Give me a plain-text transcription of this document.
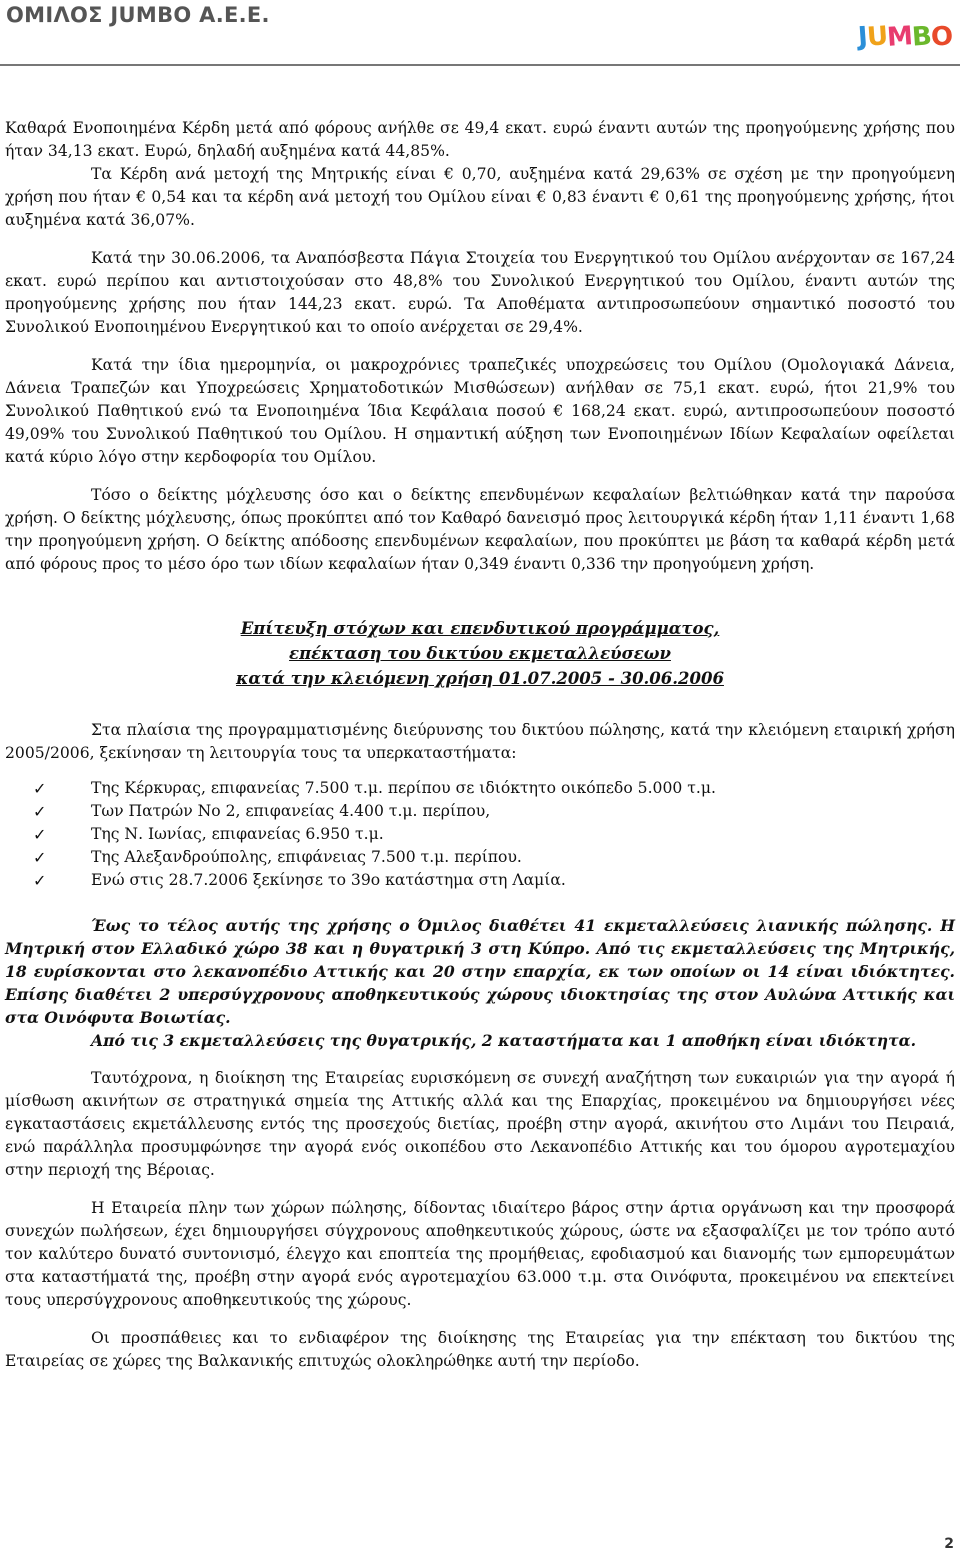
ΟΜΙΛΟΣ JUMBO Α.Ε.Ε.
JUMBO

Καθαρά Ενοποιημένα Κέρδη μετά από φόρους ανήλθε σε 49,4 εκατ. ευρώ έναντι αυτών της προηγούμενης χρήσης που ήταν 34,13 εκατ. Ευρώ, δηλαδή αυξημένα κατά 44,85%.

Τα Κέρδη ανά μετοχή της Μητρικής είναι € 0,70, αυξημένα κατά 29,63% σε σχέση με την προηγούμενη χρήση που ήταν € 0,54 και τα κέρδη ανά μετοχή του Ομίλου είναι € 0,83 έναντι € 0,61 της προηγούμενης χρήσης, ήτοι αυξημένα κατά 36,07%.

Κατά την 30.06.2006, τα Αναπόσβεστα Πάγια Στοιχεία του Ενεργητικού του Ομίλου ανέρχονταν σε 167,24 εκατ. ευρώ περίπου και αντιστοιχούσαν στο 48,8% του Συνολικού Ενεργητικού του Ομίλου, έναντι αυτών της προηγούμενης χρήσης που ήταν 144,23 εκατ. ευρώ. Τα Αποθέματα αντιπροσωπεύουν σημαντικό ποσοστό του Συνολικού Ενοποιημένου Ενεργητικού και το οποίο ανέρχεται σε 29,4%.

Κατά την ίδια ημερομηνία, οι μακροχρόνιες τραπεζικές υποχρεώσεις του Ομίλου (Ομολογιακά Δάνεια, Δάνεια Τραπεζών και Υποχρεώσεις Χρηματοδοτικών Μισθώσεων) ανήλθαν σε 75,1 εκατ. ευρώ, ήτοι 21,9% του Συνολικού Παθητικού ενώ τα Ενοποιημένα Ίδια Κεφάλαια ποσού € 168,24 εκατ. ευρώ, αντιπροσωπεύουν ποσοστό 49,09% του Συνολικού Παθητικού του Ομίλου. Η σημαντική αύξηση των Ενοποιημένων Ιδίων Κεφαλαίων οφείλεται κατά κύριο λόγο στην κερδοφορία του Ομίλου.

Τόσο ο δείκτης μόχλευσης όσο και ο δείκτης επενδυμένων κεφαλαίων βελτιώθηκαν κατά την παρούσα χρήση. Ο δείκτης μόχλευσης, όπως προκύπτει από τον Καθαρό δανεισμό προς λειτουργικά κέρδη ήταν 1,11 έναντι 1,68 την προηγούμενη χρήση. Ο δείκτης απόδοσης επενδυμένων κεφαλαίων, που προκύπτει με βάση τα καθαρά κέρδη μετά από φόρους προς το μέσο όρο των ιδίων κεφαλαίων ήταν 0,349 έναντι 0,336 την προηγούμενη χρήση.

Επίτευξη στόχων και επενδυτικού προγράμματος,
επέκταση του δικτύου εκμεταλλεύσεων
κατά την κλειόμενη χρήση 01.07.2005 - 30.06.2006

Στα πλαίσια της προγραμματισμένης διεύρυνσης του δικτύου πώλησης, κατά την κλειόμενη εταιρική χρήση 2005/2006, ξεκίνησαν τη λειτουργία τους τα υπερκαταστήματα:

✓	Της Κέρκυρας, επιφανείας 7.500 τ.μ. περίπου σε ιδιόκτητο οικόπεδο 5.000 τ.μ.
✓	Των Πατρών Νο 2, επιφανείας 4.400 τ.μ. περίπου,
✓	Της Ν. Ιωνίας, επιφανείας 6.950 τ.μ.
✓	Της Αλεξανδρούπολης, επιφάνειας 7.500 τ.μ. περίπου.
✓	Ενώ στις 28.7.2006 ξεκίνησε το 39ο κατάστημα στη Λαμία.

Έως το τέλος αυτής της χρήσης ο Όμιλος διαθέτει 41 εκμεταλλεύσεις λιανικής πώλησης. Η Μητρική στον Ελλαδικό χώρο 38 και η θυγατρική 3 στη Κύπρο. Από τις εκμεταλλεύσεις της Μητρικής, 18 ευρίσκονται στο λεκανοπέδιο Αττικής και 20 στην επαρχία, εκ των οποίων οι 14 είναι ιδιόκτητες. Επίσης διαθέτει 2 υπερσύγχρονους αποθηκευτικούς χώρους ιδιοκτησίας της στον Αυλώνα Αττικής και στα Οινόφυτα Βοιωτίας.

Από τις 3 εκμεταλλεύσεις της θυγατρικής, 2 καταστήματα και 1 αποθήκη είναι ιδιόκτητα.

Ταυτόχρονα, η διοίκηση της Εταιρείας ευρισκόμενη σε συνεχή αναζήτηση των ευκαιριών για την αγορά ή μίσθωση ακινήτων σε στρατηγικά σημεία της Αττικής αλλά και της Επαρχίας, προκειμένου να δημιουργήσει νέες εγκαταστάσεις εκμετάλλευσης εντός της προσεχούς διετίας, προέβη στην αγορά, ακινήτου στο Λιμάνι του Πειραιά, ενώ παράλληλα προσυμφώνησε την αγορά ενός οικοπέδου στο Λεκανοπέδιο Αττικής και του όμορου αγροτεμαχίου στην περιοχή της Βέροιας.

Η Εταιρεία πλην των χώρων πώλησης, δίδοντας ιδιαίτερο βάρος στην άρτια οργάνωση και την προσφορά συνεχών πωλήσεων, έχει δημιουργήσει σύγχρονους αποθηκευτικούς χώρους, ώστε να εξασφαλίζει με τον τρόπο αυτό τον καλύτερο δυνατό συντονισμό, έλεγχο και εποπτεία της προμήθειας, εφοδιασμού και διανομής των εμπορευμάτων στα καταστήματά της, προέβη στην αγορά ενός αγροτεμαχίου 63.000 τ.μ. στα Οινόφυτα, προκειμένου να επεκτείνει τους υπερσύγχρονους αποθηκευτικούς της χώρους.

Οι προσπάθειες και το ενδιαφέρον της διοίκησης της Εταιρείας για την επέκταση του δικτύου της Εταιρείας σε χώρες της Βαλκανικής επιτυχώς ολοκληρώθηκε αυτή την περίοδο.

2
